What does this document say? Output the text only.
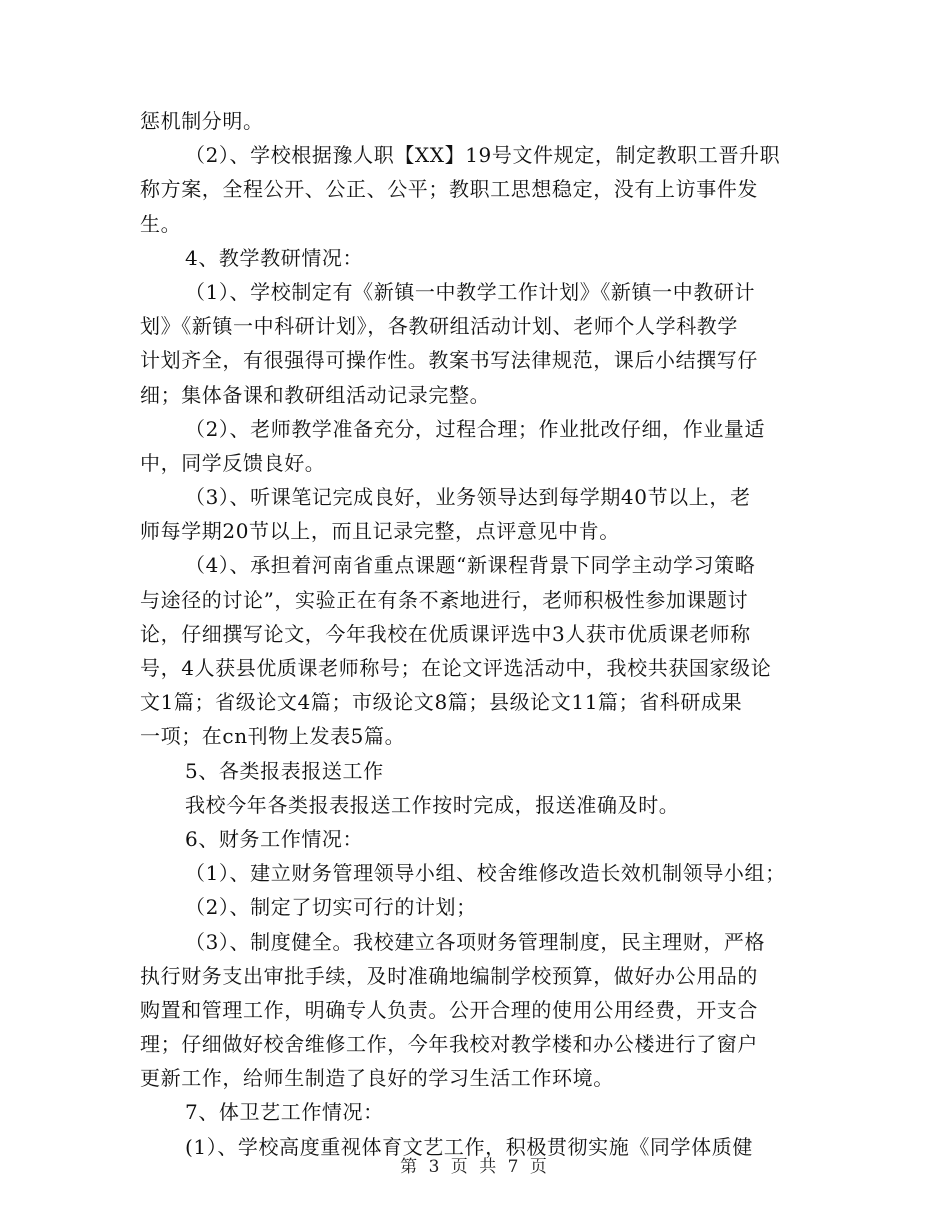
惩机制分明。
（2）、学校根据豫人职【XX】19号文件规定，制定教职工晋升职
称方案，全程公开、公正、公平；教职工思想稳定，没有上访事件发
生。
4、教学教研情况：
（1）、学校制定有《新镇一中教学工作计划》《新镇一中教研计
划》《新镇一中科研计划》，各教研组活动计划、老师个人学科教学
计划齐全，有很强得可操作性。教案书写法律规范，课后小结撰写仔
细；集体备课和教研组活动记录完整。
（2）、老师教学准备充分，过程合理；作业批改仔细，作业量适
中，同学反馈良好。
（3）、听课笔记完成良好，业务领导达到每学期40节以上，老
师每学期20节以上，而且记录完整，点评意见中肯。
（4）、承担着河南省重点课题“新课程背景下同学主动学习策略
与途径的讨论”，实验正在有条不紊地进行，老师积极性参加课题讨
论，仔细撰写论文，今年我校在优质课评选中3人获市优质课老师称
号，4人获县优质课老师称号；在论文评选活动中，我校共获国家级论
文1篇；省级论文4篇；市级论文8篇；县级论文11篇；省科研成果
一项；在cn刊物上发表5篇。
5、各类报表报送工作
我校今年各类报表报送工作按时完成，报送准确及时。
6、财务工作情况：
（1）、建立财务管理领导小组、校舍维修改造长效机制领导小组；
（2）、制定了切实可行的计划；
（3）、制度健全。我校建立各项财务管理制度，民主理财，严格
执行财务支出审批手续，及时准确地编制学校预算，做好办公用品的
购置和管理工作，明确专人负责。公开合理的使用公用经费，开支合
理；仔细做好校舍维修工作，今年我校对教学楼和办公楼进行了窗户
更新工作，给师生制造了良好的学习生活工作环境。
7、体卫艺工作情况：
(1）、学校高度重视体育文艺工作，积极贯彻实施《同学体质健
第 3 页 共 7 页
